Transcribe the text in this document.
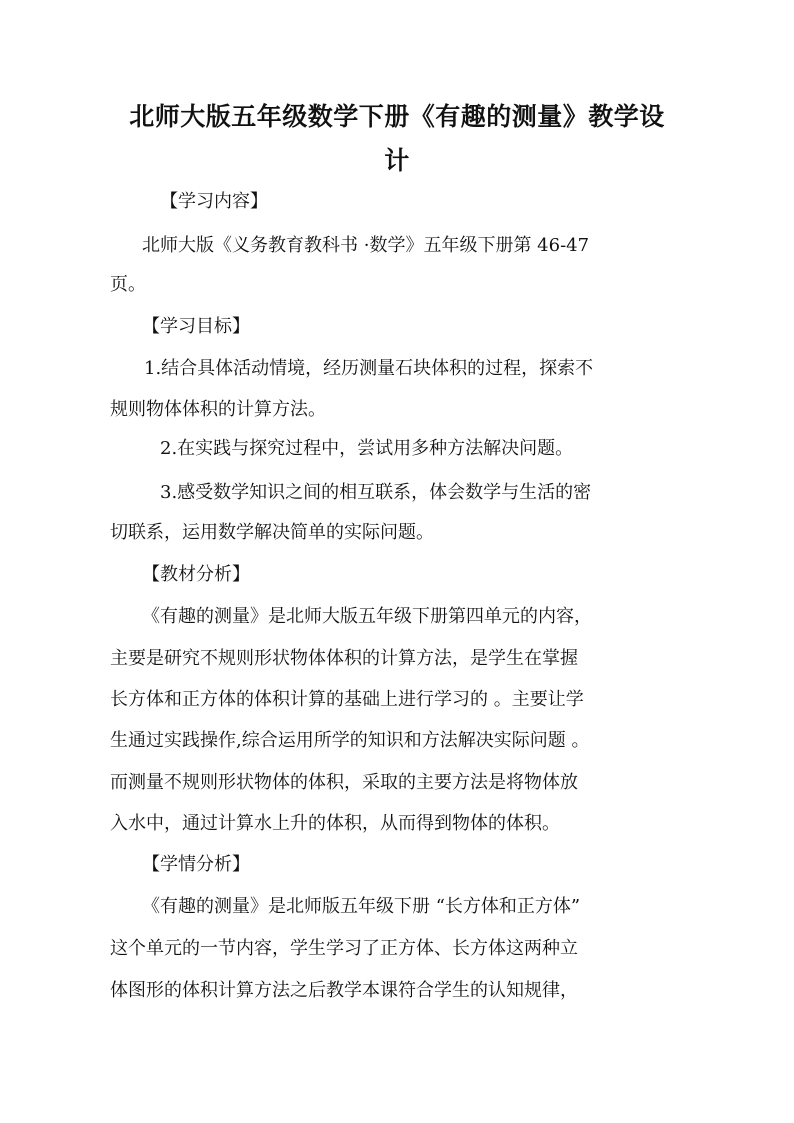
北师大版五年级数学下册《有趣的测量》教学设
计

【学习内容】

北师大版《义务教育教科书 ·数学》五年级下册第 46-47

页。

【学习目标】

1.结合具体活动情境，经历测量石块体积的过程，探索不

规则物体体积的计算方法。

2.在实践与探究过程中，尝试用多种方法解决问题。

3.感受数学知识之间的相互联系，体会数学与生活的密

切联系，运用数学解决简单的实际问题。

【教材分析】

《有趣的测量》是北师大版五年级下册第四单元的内容，

主要是研究不规则形状物体体积的计算方法，是学生在掌握

长方体和正方体的体积计算的基础上进行学习的 。主要让学

生通过实践操作,综合运用所学的知识和方法解决实际问题 。

而测量不规则形状物体的体积，采取的主要方法是将物体放

入水中，通过计算水上升的体积，从而得到物体的体积。

【学情分析】

《有趣的测量》是北师版五年级下册 “长方体和正方体”

这个单元的一节内容，学生学习了正方体、长方体这两种立

体图形的体积计算方法之后教学本课符合学生的认知规律，
